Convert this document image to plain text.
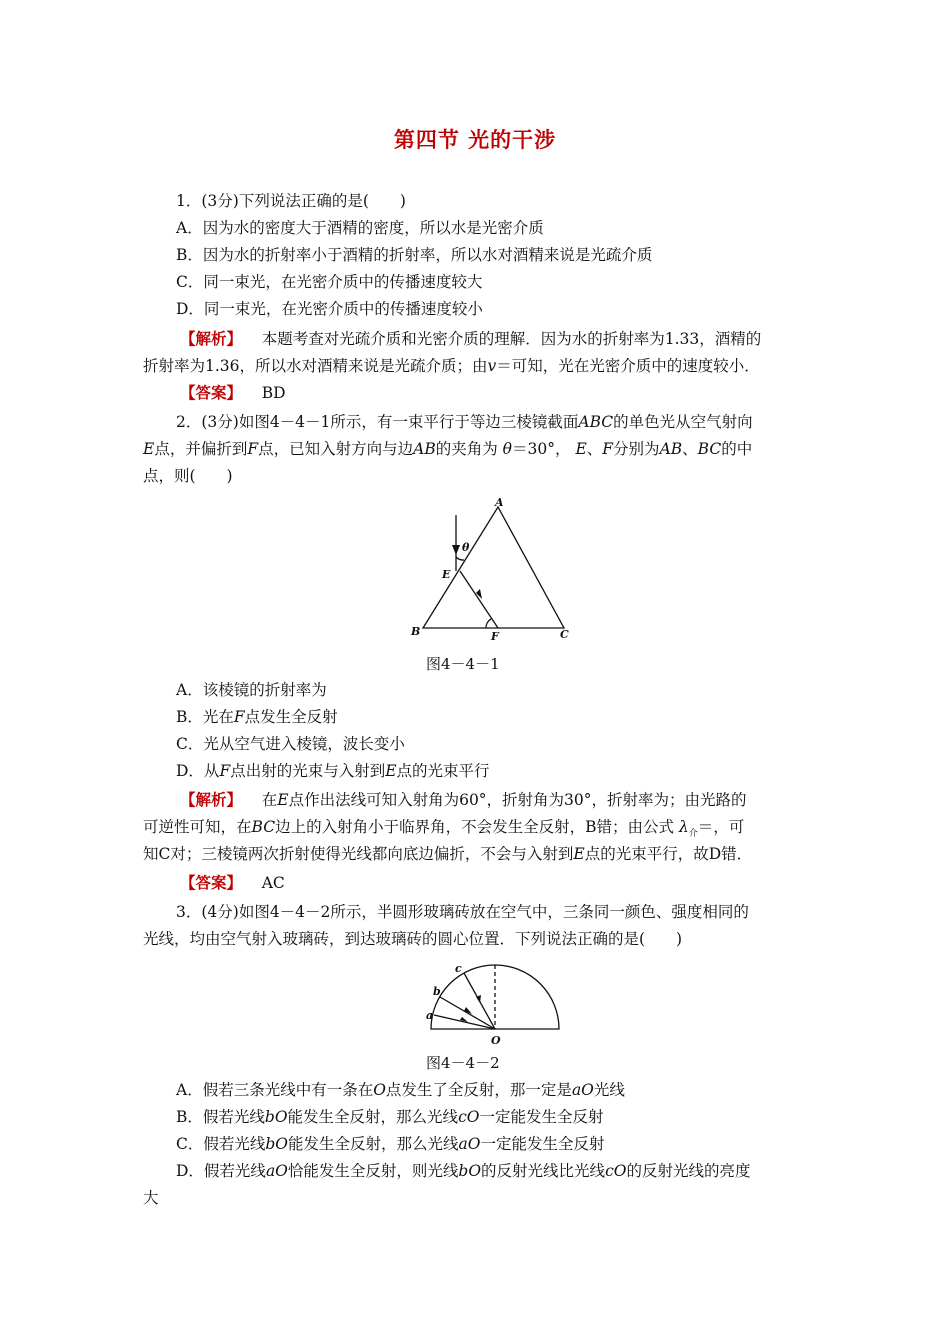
第四节 光的干涉
1．(3分)下列说法正确的是(　　)
A．因为水的密度大于酒精的密度，所以水是光密介质
B．因为水的折射率小于酒精的折射率，所以水对酒精来说是光疏介质
C．同一束光，在光密介质中的传播速度较大
D．同一束光，在光密介质中的传播速度较小
【解析】 本题考查对光疏介质和光密介质的理解．因为水的折射率为1.33，酒精的
折射率为1.36，所以水对酒精来说是光疏介质；由v＝可知，光在光密介质中的速度较小．
【答案】 BD
2．(3分)如图4－4－1所示，有一束平行于等边三棱镜截面ABC的单色光从空气射向
E点，并偏折到F点，已知入射方向与边AB的夹角为 θ＝30°， E、F分别为AB、BC的中
点，则(　　)
A
θ
E
B	F	C
图4－4－1
A．该棱镜的折射率为
B．光在F点发生全反射
C．光从空气进入棱镜，波长变小
D．从F点出射的光束与入射到E点的光束平行
【解析】 在E点作出法线可知入射角为60°，折射角为30°，折射率为；由光路的
可逆性可知，在BC边上的入射角小于临界角，不会发生全反射，B错；由公式 $\lambda_介=$，可
知C对；三棱镜两次折射使得光线都向底边偏折，不会与入射到E点的光束平行，故D错．
【答案】 AC
3．(4分)如图4－4－2所示，半圆形玻璃砖放在空气中，三条同一颜色、强度相同的
光线，均由空气射入玻璃砖，到达玻璃砖的圆心位置．下列说法正确的是(　　)
c
b
a
O
图4－4－2
A．假若三条光线中有一条在O点发生了全反射，那一定是aO光线
B．假若光线bO能发生全反射，那么光线cO一定能发生全反射
C．假若光线bO能发生全反射，那么光线aO一定能发生全反射
D．假若光线aO恰能发生全反射，则光线bO的反射光线比光线cO的反射光线的亮度
大
